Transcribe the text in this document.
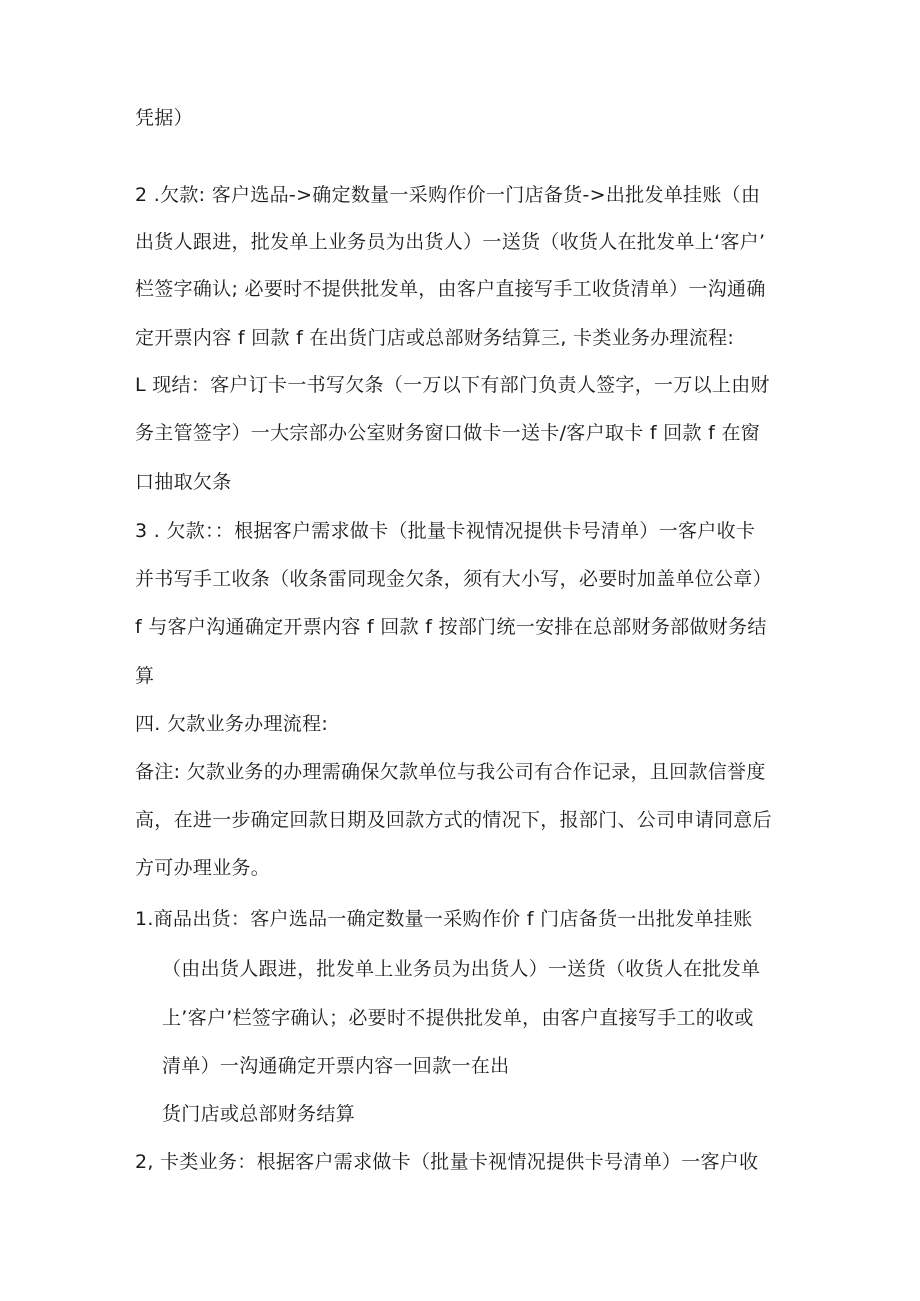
凭据）
2 .欠款: 客户选品->确定数量一采购作价一门店备货->出批发单挂账（由
出货人跟进，批发单上业务员为出货人）一送货（收货人在批发单上‘客户’
栏签字确认; 必要时不提供批发单，由客户直接写手工收货清单）一沟通确
定开票内容 f 回款 f 在出货门店或总部财务结算三, 卡类业务办理流程:
L 现结：客户订卡一书写欠条（一万以下有部门负责人签字，一万以上由财
务主管签字）一大宗部办公室财务窗口做卡一送卡/客户取卡 f 回款 f 在窗
口抽取欠条
3 . 欠款：：根据客户需求做卡（批量卡视情况提供卡号清单）一客户收卡
并书写手工收条（收条雷同现金欠条，须有大小写，必要时加盖单位公章）
f 与客户沟通确定开票内容 f 回款 f 按部门统一安排在总部财务部做财务结
算
四. 欠款业务办理流程:
备注: 欠款业务的办理需确保欠款单位与我公司有合作记录，且回款信誉度
高，在进一步确定回款日期及回款方式的情况下，报部门、公司申请同意后
方可办理业务。
1.商品出货：客户选品一确定数量一采购作价 f 门店备货一出批发单挂账
（由出货人跟进，批发单上业务员为出货人）一送货（收货人在批发单
上’客户’栏签字确认；必要时不提供批发单，由客户直接写手工的收或
清单）一沟通确定开票内容一回款一在出
货门店或总部财务结算
2, 卡类业务：根据客户需求做卡（批量卡视情况提供卡号清单）一客户收
